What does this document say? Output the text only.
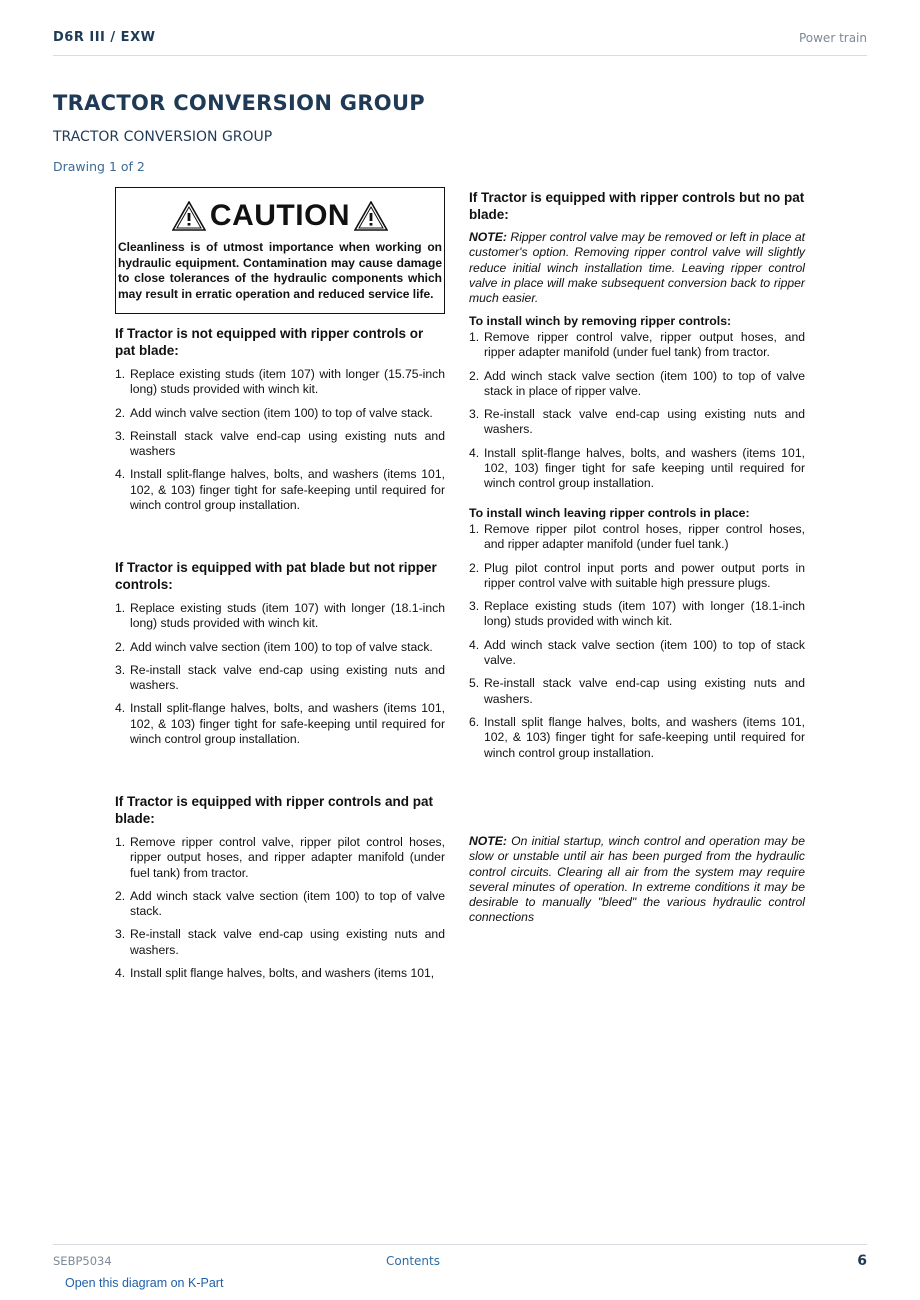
D6R III / EXW	Power train
TRACTOR CONVERSION GROUP
TRACTOR CONVERSION GROUP
Drawing 1 of 2
CAUTION
Cleanliness is of utmost importance when working on hydraulic equipment. Contamination may cause damage to close tolerances of the hydraulic components which may result in erratic operation and reduced service life.
If Tractor is not equipped with ripper controls or pat blade:
1. Replace existing studs (item 107) with longer (15.75-inch long) studs provided with winch kit.
2. Add winch valve section (item 100) to top of valve stack.
3. Reinstall stack valve end-cap using existing nuts and washers
4. Install split-flange halves, bolts, and washers (items 101, 102, & 103) finger tight for safe-keeping until required for winch control group installation.
If Tractor is equipped with pat blade but not ripper controls:
1. Replace existing studs (item 107) with longer (18.1-inch long) studs provided with winch kit.
2. Add winch valve section (item 100) to top of valve stack.
3. Re-install stack valve end-cap using existing nuts and washers.
4. Install split-flange halves, bolts, and washers (items 101, 102, & 103) finger tight for safe-keeping until required for winch control group installation.
If Tractor is equipped with ripper controls and pat blade:
1. Remove ripper control valve, ripper pilot control hoses, ripper output hoses, and ripper adapter manifold (under fuel tank) from tractor.
2. Add winch stack valve section (item 100) to top of valve stack.
3. Re-install stack valve end-cap using existing nuts and washers.
4. Install split flange halves, bolts, and washers (items 101,
If Tractor is equipped with ripper controls but no pat blade:
NOTE: Ripper control valve may be removed or left in place at customer's option. Removing ripper control valve will slightly reduce initial winch installation time. Leaving ripper control valve in place will make subsequent conversion back to ripper much easier.
To install winch by removing ripper controls:
1. Remove ripper control valve, ripper output hoses, and ripper adapter manifold (under fuel tank) from tractor.
2. Add winch stack valve section (item 100) to top of valve stack in place of ripper valve.
3. Re-install stack valve end-cap using existing nuts and washers.
4. Install split-flange halves, bolts, and washers (items 101, 102, 103) finger tight for safe keeping until required for winch control group installation.
To install winch leaving ripper controls in place:
1. Remove ripper pilot control hoses, ripper control hoses, and ripper adapter manifold (under fuel tank.)
2. Plug pilot control input ports and power output ports in ripper control valve with suitable high pressure plugs.
3. Replace existing studs (item 107) with longer (18.1-inch long) studs provided with winch kit.
4. Add winch stack valve section (item 100) to top of stack valve.
5. Re-install stack valve end-cap using existing nuts and washers.
6. Install split flange halves, bolts, and washers (items 101, 102, & 103) finger tight for safe-keeping until required for winch control group installation.
NOTE: On initial startup, winch control and operation may be slow or unstable until air has been purged from the hydraulic control circuits. Clearing all air from the system may require several minutes of operation. In extreme conditions it may be desirable to manually "bleed" the various hydraulic control connections
SEBP5034	Contents	6
Open this diagram on K-Part
